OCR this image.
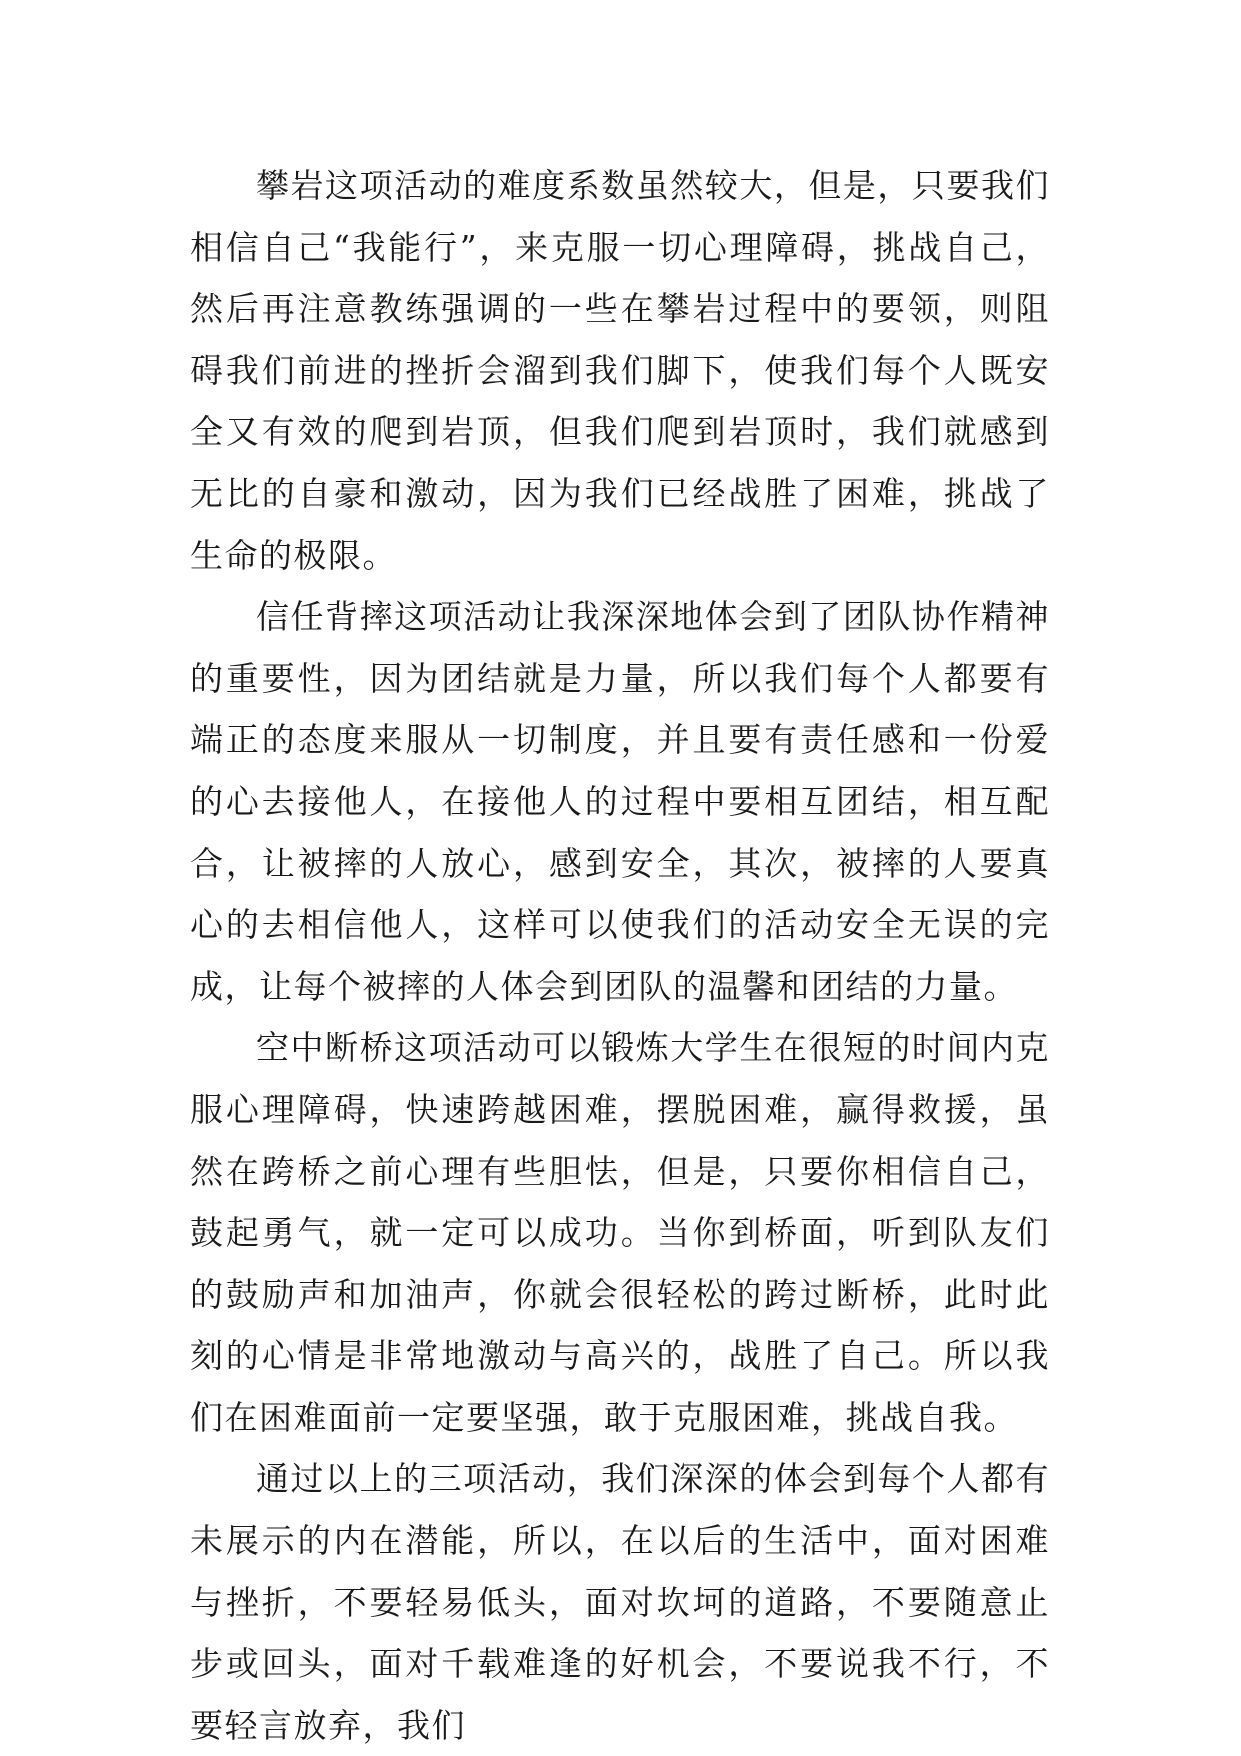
攀岩这项活动的难度系数虽然较大，但是，只要我们相信自己“我能行”，来克服一切心理障碍，挑战自己，然后再注意教练强调的一些在攀岩过程中的要领，则阻碍我们前进的挫折会溜到我们脚下，使我们每个人既安全又有效的爬到岩顶，但我们爬到岩顶时，我们就感到无比的自豪和激动，因为我们已经战胜了困难，挑战了生命的极限。

信任背摔这项活动让我深深地体会到了团队协作精神的重要性，因为团结就是力量，所以我们每个人都要有端正的态度来服从一切制度，并且要有责任感和一份爱的心去接他人，在接他人的过程中要相互团结，相互配合，让被摔的人放心，感到安全，其次，被摔的人要真心的去相信他人，这样可以使我们的活动安全无误的完成，让每个被摔的人体会到团队的温馨和团结的力量。

空中断桥这项活动可以锻炼大学生在很短的时间内克服心理障碍，快速跨越困难，摆脱困难，赢得救援，虽然在跨桥之前心理有些胆怯，但是，只要你相信自己，鼓起勇气，就一定可以成功。当你到桥面，听到队友们的鼓励声和加油声，你就会很轻松的跨过断桥，此时此刻的心情是非常地激动与高兴的，战胜了自己。所以我们在困难面前一定要坚强，敢于克服困难，挑战自我。

通过以上的三项活动，我们深深的体会到每个人都有未展示的内在潜能，所以，在以后的生活中，面对困难与挫折，不要轻易低头，面对坎坷的道路，不要随意止步或回头，面对千载难逢的好机会，不要说我不行，不要轻言放弃，我们
